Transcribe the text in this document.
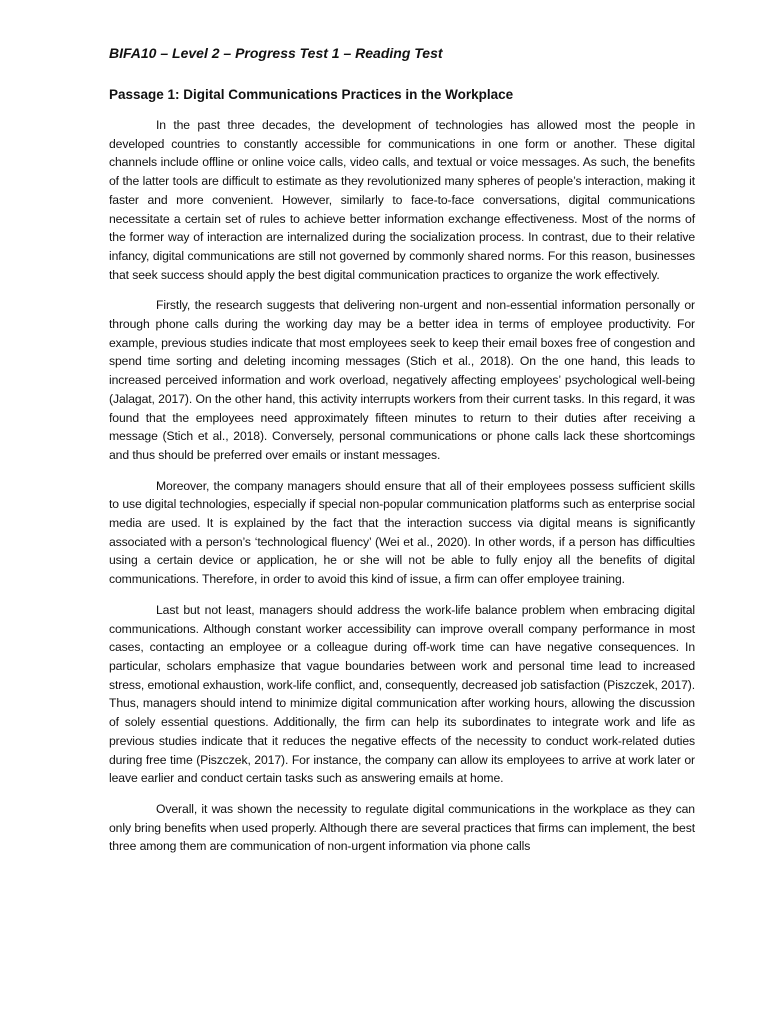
BIFA10 – Level 2 – Progress Test 1 – Reading Test
Passage 1: Digital Communications Practices in the Workplace

In the past three decades, the development of technologies has allowed most the people in developed countries to constantly accessible for communications in one form or another. These digital channels include offline or online voice calls, video calls, and textual or voice messages. As such, the benefits of the latter tools are difficult to estimate as they revolutionized many spheres of people’s interaction, making it faster and more convenient. However, similarly to face-to-face conversations, digital communications necessitate a certain set of rules to achieve better information exchange effectiveness. Most of the norms of the former way of interaction are internalized during the socialization process. In contrast, due to their relative infancy, digital communications are still not governed by commonly shared norms. For this reason, businesses that seek success should apply the best digital communication practices to organize the work effectively.

Firstly, the research suggests that delivering non-urgent and non-essential information personally or through phone calls during the working day may be a better idea in terms of employee productivity. For example, previous studies indicate that most employees seek to keep their email boxes free of congestion and spend time sorting and deleting incoming messages (Stich et al., 2018). On the one hand, this leads to increased perceived information and work overload, negatively affecting employees’ psychological well-being (Jalagat, 2017). On the other hand, this activity interrupts workers from their current tasks. In this regard, it was found that the employees need approximately fifteen minutes to return to their duties after receiving a message (Stich et al., 2018). Conversely, personal communications or phone calls lack these shortcomings and thus should be preferred over emails or instant messages.

Moreover, the company managers should ensure that all of their employees possess sufficient skills to use digital technologies, especially if special non-popular communication platforms such as enterprise social media are used. It is explained by the fact that the interaction success via digital means is significantly associated with a person’s ‘technological fluency’ (Wei et al., 2020). In other words, if a person has difficulties using a certain device or application, he or she will not be able to fully enjoy all the benefits of digital communications. Therefore, in order to avoid this kind of issue, a firm can offer employee training.

Last but not least, managers should address the work-life balance problem when embracing digital communications. Although constant worker accessibility can improve overall company performance in most cases, contacting an employee or a colleague during off-work time can have negative consequences. In particular, scholars emphasize that vague boundaries between work and personal time lead to increased stress, emotional exhaustion, work-life conflict, and, consequently, decreased job satisfaction (Piszczek, 2017). Thus, managers should intend to minimize digital communication after working hours, allowing the discussion of solely essential questions. Additionally, the firm can help its subordinates to integrate work and life as previous studies indicate that it reduces the negative effects of the necessity to conduct work-related duties during free time (Piszczek, 2017). For instance, the company can allow its employees to arrive at work later or leave earlier and conduct certain tasks such as answering emails at home.

Overall, it was shown the necessity to regulate digital communications in the workplace as they can only bring benefits when used properly. Although there are several practices that firms can implement, the best three among them are communication of non-urgent information via phone calls
